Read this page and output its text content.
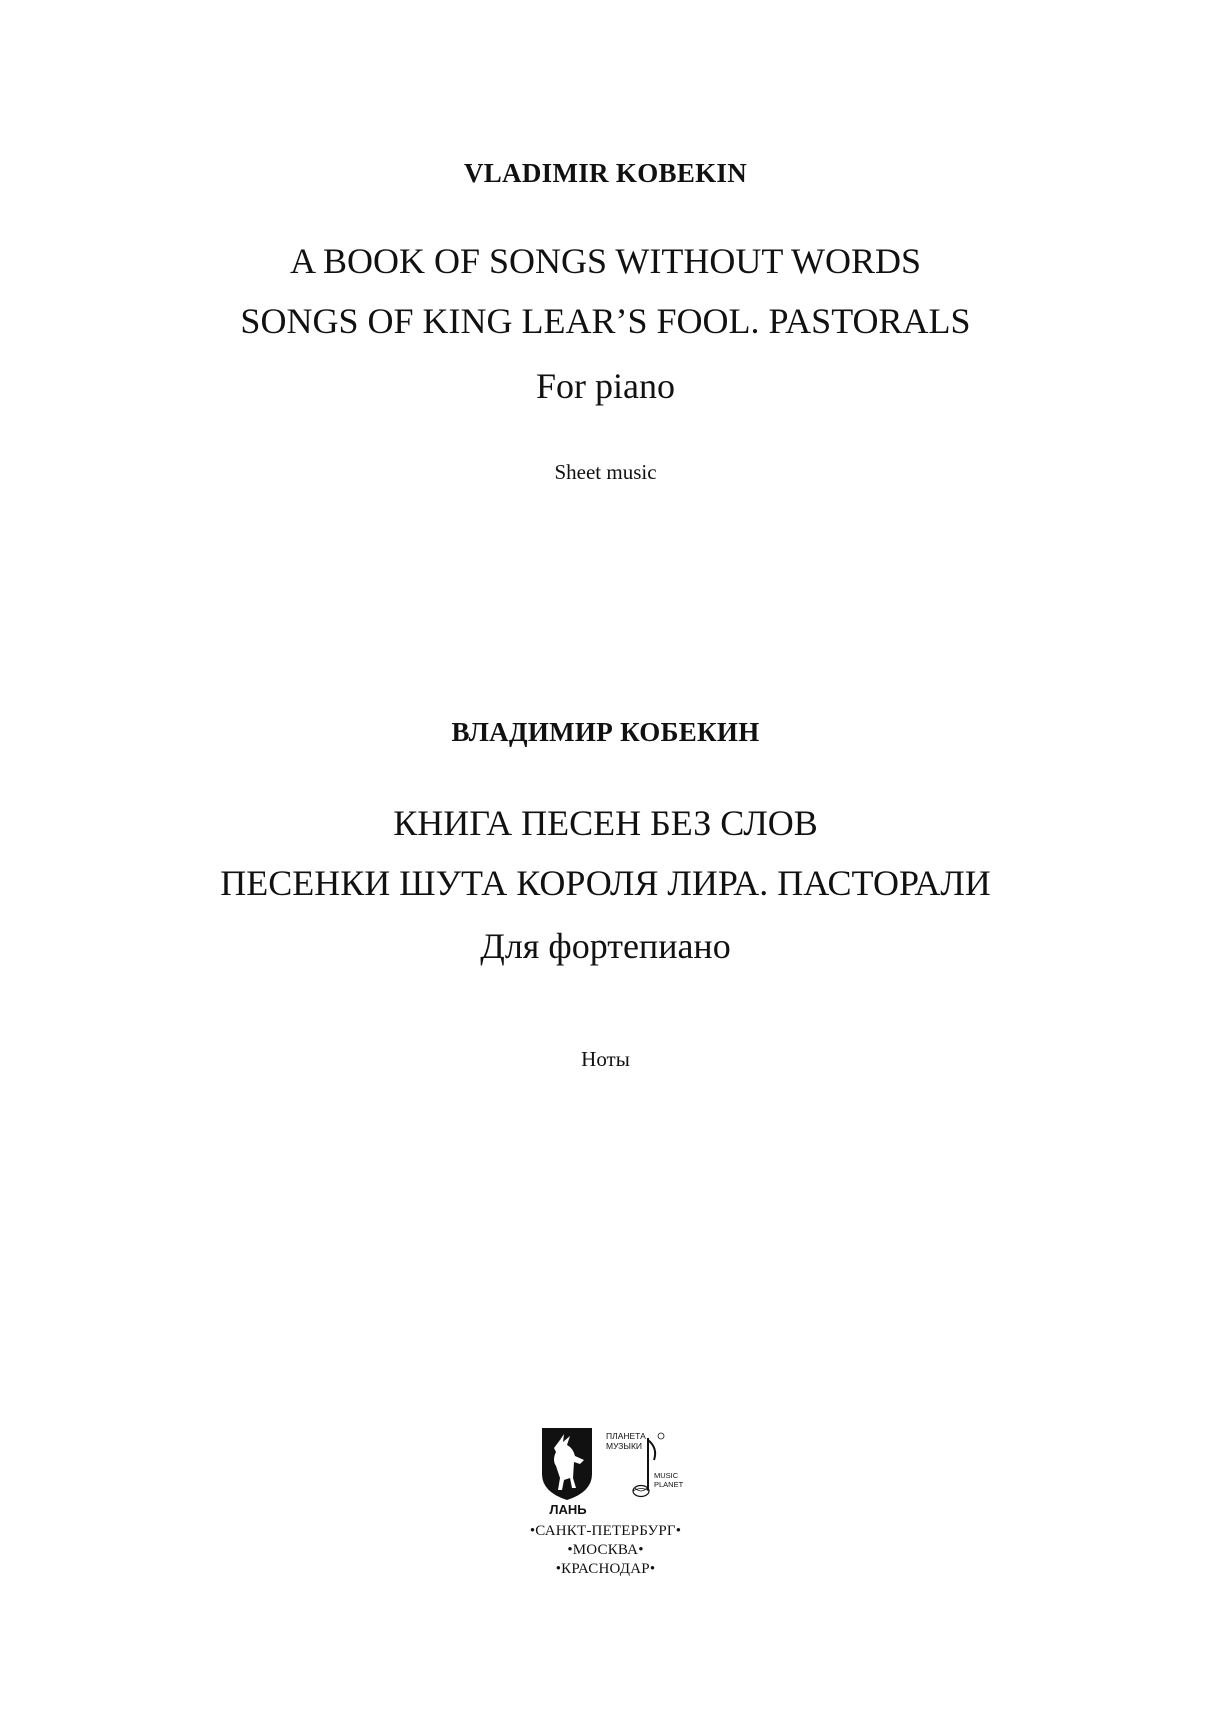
VLADIMIR KOBEKIN
A BOOK OF SONGS WITHOUT WORDS
SONGS OF KING LEAR’S FOOL. PASTORALS
For piano
Sheet music
ВЛАДИМИР КОБЕКИН
КНИГА ПЕСЕН БЕЗ СЛОВ
ПЕСЕНКИ ШУТА КОРОЛЯ ЛИРА. ПАСТОРАЛИ
Для фортепиано
Ноты
ЛАНЬ
ПЛАНЕТА
МУЗЫКИ
MUSIC
PLANET
•САНКТ-ПЕТЕРБУРГ•
•МОСКВА•
•КРАСНОДАР•
